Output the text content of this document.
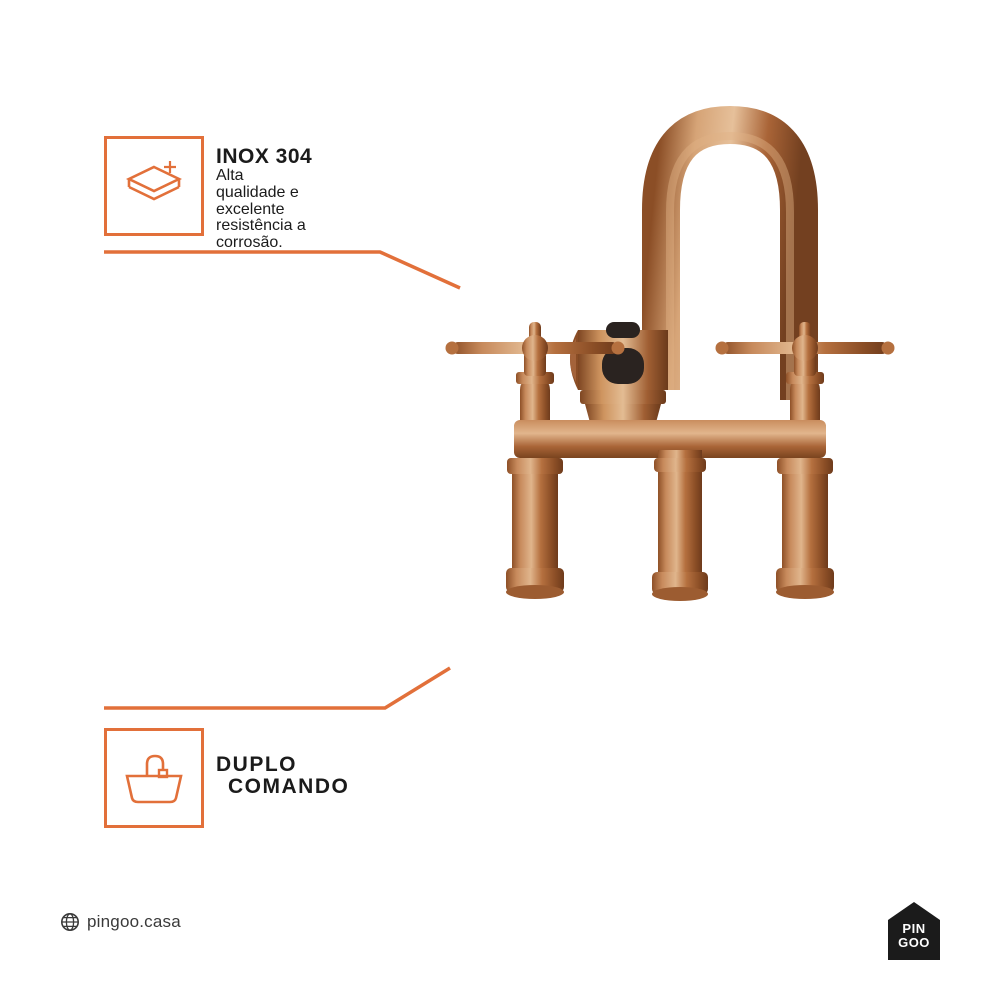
INOX 304
Alta qualidade e excelente resistência a corrosão.
DUPLO
COMANDO
pingoo.casa	PIN
GOO
